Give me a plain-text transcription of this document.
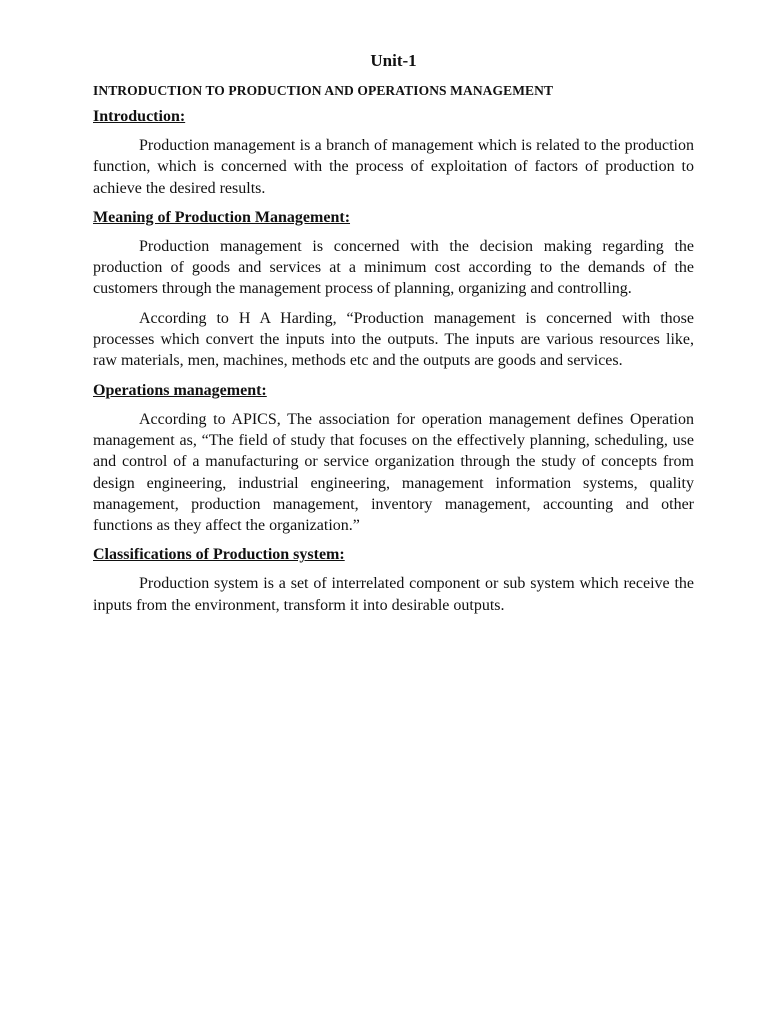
Unit-1
INTRODUCTION TO PRODUCTION AND OPERATIONS MANAGEMENT
Introduction:

Production management is a branch of management which is related to the production function, which is concerned with the process of exploitation of factors of production to achieve the desired results.

Meaning of Production Management:

Production management is concerned with the decision making regarding the production of goods and services at a minimum cost according to the demands of the customers through the management process of planning, organizing and controlling.

According to H A Harding, “Production management is concerned with those processes which convert the inputs into the outputs. The inputs are various resources like, raw materials, men, machines, methods etc and the outputs are goods and services.

Operations management:

According to APICS, The association for operation management defines Operation management as, “The field of study that focuses on the effectively planning, scheduling, use and control of a manufacturing or service organization through the study of concepts from design engineering, industrial engineering, management information systems, quality management, production management, inventory management, accounting and other functions as they affect the organization.”

Classifications of Production system:

Production system is a set of interrelated component or sub system which receive the inputs from the environment, transform it into desirable outputs.
